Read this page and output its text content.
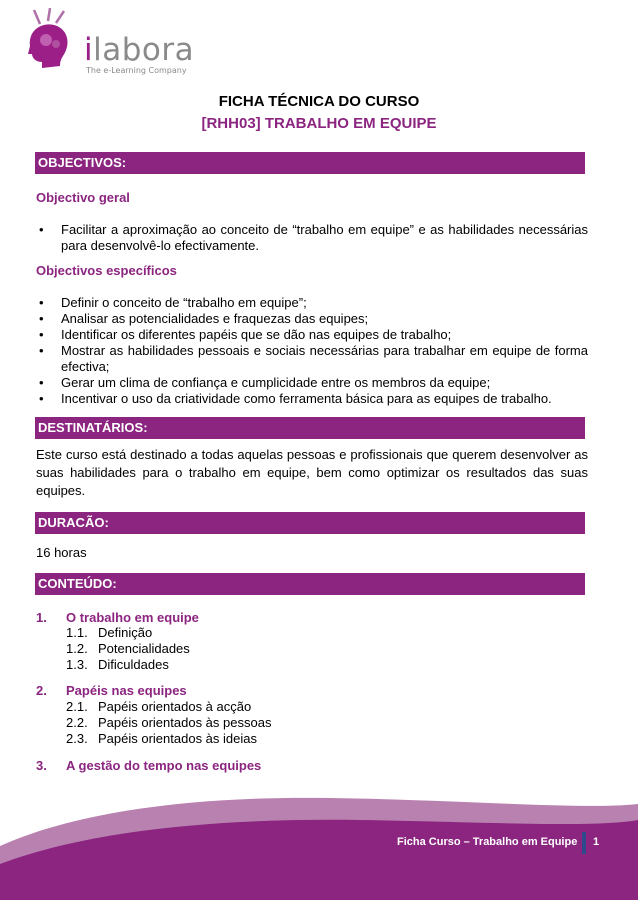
ilabora
The e-Learning Company
FICHA TÉCNICA DO CURSO
[RHH03] TRABALHO EM EQUIPE
OBJECTIVOS:
Objectivo geral
• Facilitar a aproximação ao conceito de “trabalho em equipe” e as habilidades necessárias para desenvolvê-lo efectivamente.
Objectivos específicos
• Definir o conceito de “trabalho em equipe”;
• Analisar as potencialidades e fraquezas das equipes;
• Identificar os diferentes papéis que se dão nas equipes de trabalho;
• Mostrar as habilidades pessoais e sociais necessárias para trabalhar em equipe de forma efectiva;
• Gerar um clima de confiança e cumplicidade entre os membros da equipe;
• Incentivar o uso da criatividade como ferramenta básica para as equipes de trabalho.
DESTINATÁRIOS:
Este curso está destinado a todas aquelas pessoas e profissionais que querem desenvolver as suas habilidades para o trabalho em equipe, bem como optimizar os resultados das suas equipes.
DURACÃO:
16 horas
CONTEÚDO:
1. O trabalho em equipe
1.1. Definição
1.2. Potencialidades
1.3. Dificuldades
2. Papéis nas equipes
2.1. Papéis orientados à acção
2.2. Papéis orientados às pessoas
2.3. Papéis orientados às ideias
3. A gestão do tempo nas equipes
Ficha Curso – Trabalho em Equipe 1
